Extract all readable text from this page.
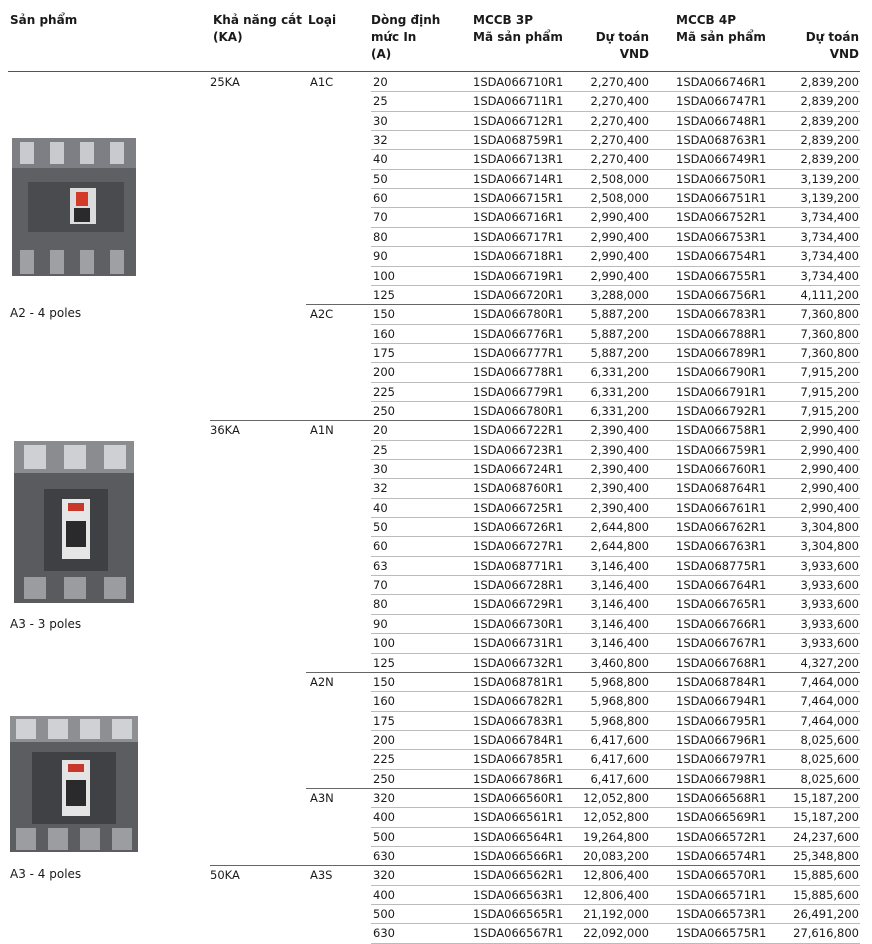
Sản phẩm	Khả năng cắt
(KA)
Loại	Dòng định
mức In
(A)
MCCB 3P
Mã sản phẩm	Dự toán
VND
MCCB 4P
Mã sản phẩm	Dự toán
VND
A2 - 4 poles
A3 - 3 poles
A3 - 4 poles
25KA	A1C	20	1SDA066710R1	2,270,400 1SDA066746R1	2,839,200
25	1SDA066711R1	2,270,400 1SDA066747R1	2,839,200
30	1SDA066712R1	2,270,400 1SDA066748R1	2,839,200
32	1SDA068759R1	2,270,400 1SDA068763R1	2,839,200
40	1SDA066713R1	2,270,400 1SDA066749R1	2,839,200
50	1SDA066714R1	2,508,000 1SDA066750R1	3,139,200
60	1SDA066715R1	2,508,000 1SDA066751R1	3,139,200
70	1SDA066716R1	2,990,400 1SDA066752R1	3,734,400
80	1SDA066717R1	2,990,400 1SDA066753R1	3,734,400
90	1SDA066718R1	2,990,400 1SDA066754R1	3,734,400
100	1SDA066719R1	2,990,400 1SDA066755R1	3,734,400
125	1SDA066720R1	3,288,000 1SDA066756R1	4,111,200
A2C	150	1SDA066780R1	5,887,200 1SDA066783R1	7,360,800
160	1SDA066776R1	5,887,200 1SDA066788R1	7,360,800
175	1SDA066777R1	5,887,200 1SDA066789R1	7,360,800
200	1SDA066778R1	6,331,200 1SDA066790R1	7,915,200
225	1SDA066779R1	6,331,200 1SDA066791R1	7,915,200
250	1SDA066780R1	6,331,200 1SDA066792R1	7,915,200
36KA	A1N	20	1SDA066722R1	2,390,400 1SDA066758R1	2,990,400
25	1SDA066723R1	2,390,400 1SDA066759R1	2,990,400
30	1SDA066724R1	2,390,400 1SDA066760R1	2,990,400
32	1SDA068760R1	2,390,400 1SDA068764R1	2,990,400
40	1SDA066725R1	2,390,400 1SDA066761R1	2,990,400
50	1SDA066726R1	2,644,800 1SDA066762R1	3,304,800
60	1SDA066727R1	2,644,800 1SDA066763R1	3,304,800
63	1SDA068771R1	3,146,400 1SDA068775R1	3,933,600
70	1SDA066728R1	3,146,400 1SDA066764R1	3,933,600
80	1SDA066729R1	3,146,400 1SDA066765R1	3,933,600
90	1SDA066730R1	3,146,400 1SDA066766R1	3,933,600
100	1SDA066731R1	3,146,400 1SDA066767R1	3,933,600
125	1SDA066732R1	3,460,800 1SDA066768R1	4,327,200
A2N	150	1SDA068781R1	5,968,800 1SDA068784R1	7,464,000
160	1SDA066782R1	5,968,800 1SDA066794R1	7,464,000
175	1SDA066783R1	5,968,800 1SDA066795R1	7,464,000
200	1SDA066784R1	6,417,600 1SDA066796R1	8,025,600
225	1SDA066785R1	6,417,600 1SDA066797R1	8,025,600
250	1SDA066786R1	6,417,600 1SDA066798R1	8,025,600
A3N	320	1SDA066560R1	12,052,800 1SDA066568R1	15,187,200
400	1SDA066561R1	12,052,800 1SDA066569R1	15,187,200
500	1SDA066564R1	19,264,800 1SDA066572R1	24,237,600
630	1SDA066566R1	20,083,200 1SDA066574R1	25,348,800
50KA	A3S	320	1SDA066562R1	12,806,400 1SDA066570R1	15,885,600
400	1SDA066563R1	12,806,400 1SDA066571R1	15,885,600
500	1SDA066565R1	21,192,000 1SDA066573R1	26,491,200
630	1SDA066567R1	22,092,000 1SDA066575R1	27,616,800
